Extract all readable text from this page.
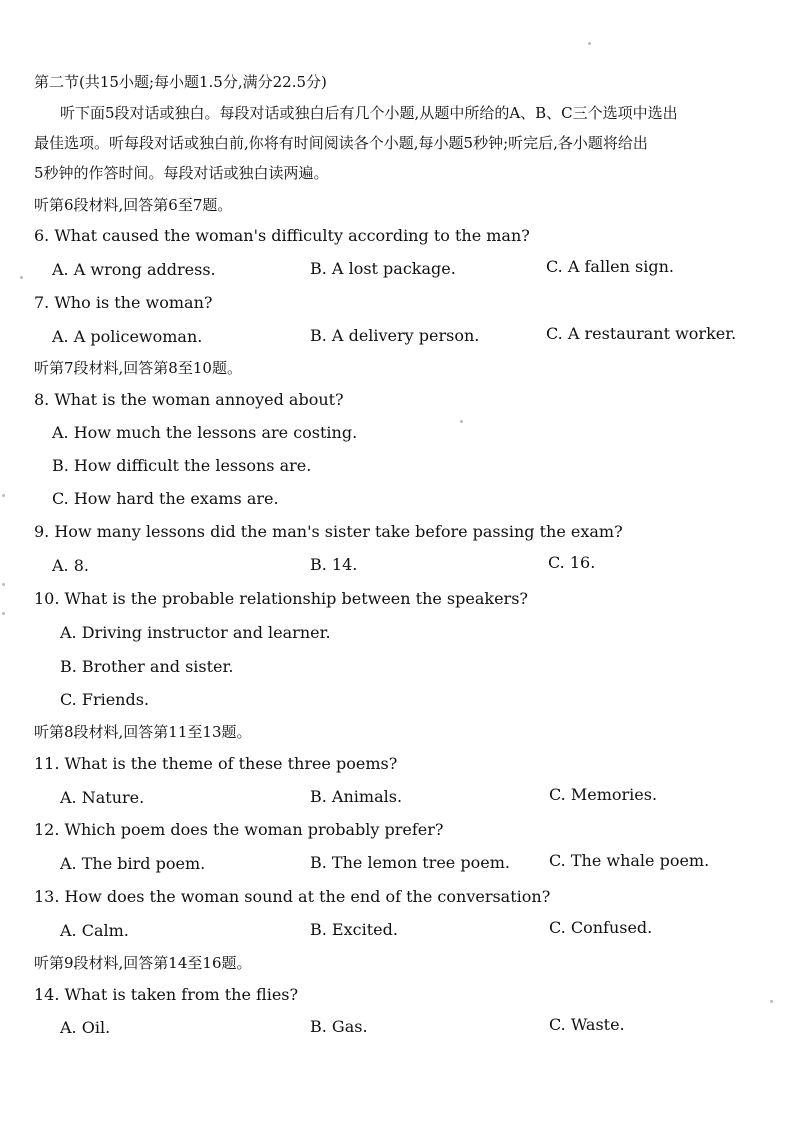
第二节(共15小题;每小题1.5分,满分22.5分)
听下面5段对话或独白。每段对话或独白后有几个小题,从题中所给的A、B、C三个选项中选出
最佳选项。听每段对话或独白前,你将有时间阅读各个小题,每小题5秒钟;听完后,各小题将给出
5秒钟的作答时间。每段对话或独白读两遍。
听第6段材料,回答第6至7题。
6. What caused the woman's difficulty according to the man?
A. A wrong address.	B. A lost package.	C. A fallen sign.
7. Who is the woman?
A. A policewoman.	B. A delivery person.	C. A restaurant worker.
听第7段材料,回答第8至10题。
8. What is the woman annoyed about?
A. How much the lessons are costing.
B. How difficult the lessons are.
C. How hard the exams are.
9. How many lessons did the man's sister take before passing the exam?
A. 8.	B. 14.	C. 16.
10. What is the probable relationship between the speakers?
A. Driving instructor and learner.
B. Brother and sister.
C. Friends.
听第8段材料,回答第11至13题。
11. What is the theme of these three poems?
A. Nature.	B. Animals.	C. Memories.
12. Which poem does the woman probably prefer?
A. The bird poem.	B. The lemon tree poem. C. The whale poem.
13. How does the woman sound at the end of the conversation?
A. Calm.	B. Excited.	C. Confused.
听第9段材料,回答第14至16题。
14. What is taken from the flies?
A. Oil.	B. Gas.	C. Waste.
